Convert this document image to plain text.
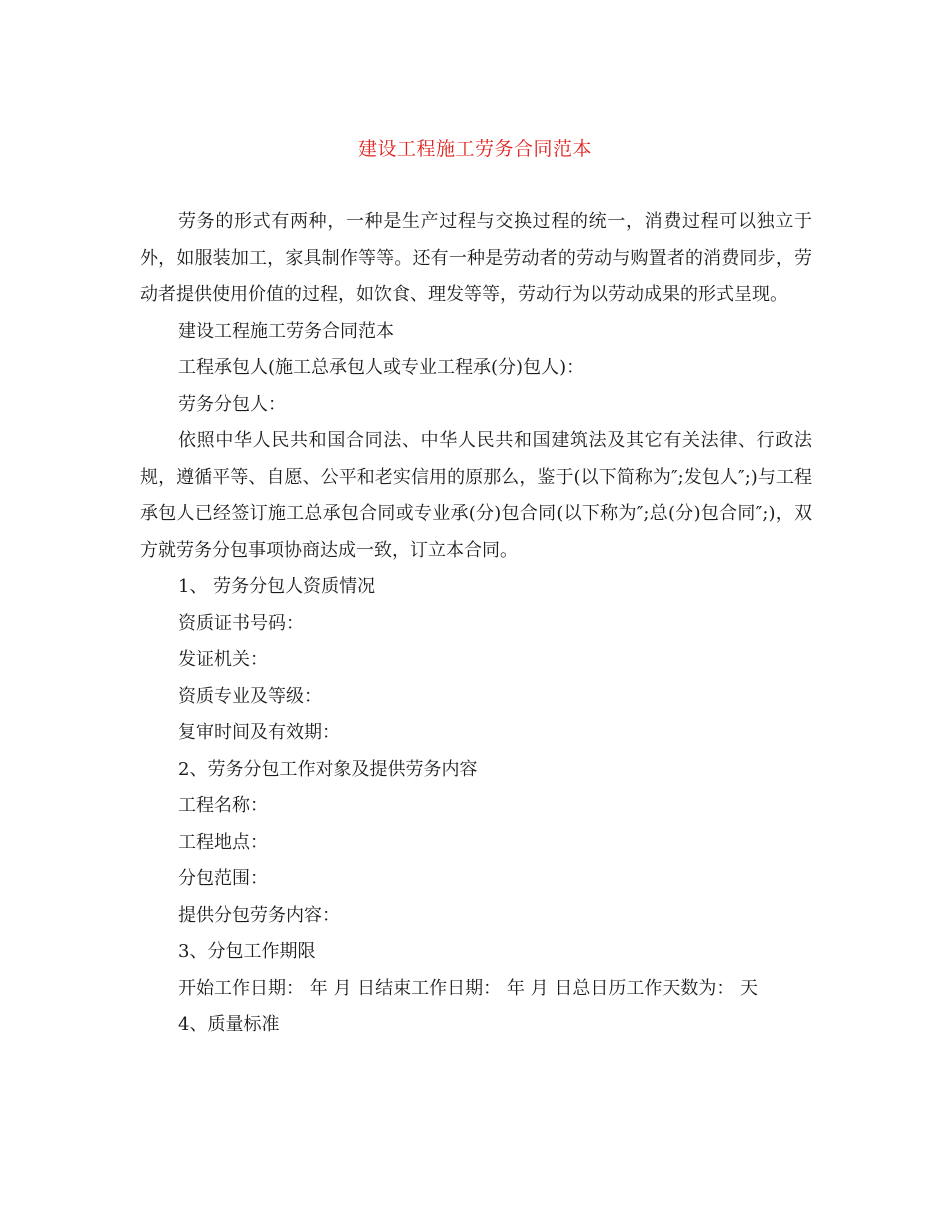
建设工程施工劳务合同范本

劳务的形式有两种，一种是生产过程与交换过程的统一，消费过程可以独立于外，如服装加工，家具制作等等。还有一种是劳动者的劳动与购置者的消费同步，劳动者提供使用价值的过程，如饮食、理发等等，劳动行为以劳动成果的形式呈现。

建设工程施工劳务合同范本

工程承包人(施工总承包人或专业工程承(分)包人)：

劳务分包人：

依照中华人民共和国合同法、中华人民共和国建筑法及其它有关法律、行政法规，遵循平等、自愿、公平和老实信用的原那么，鉴于(以下简称为″;发包人″;)与工程承包人已经签订施工总承包合同或专业承(分)包合同(以下称为″;总(分)包合同″;)，双方就劳务分包事项协商达成一致，订立本合同。

1、 劳务分包人资质情况

资质证书号码：

发证机关：

资质专业及等级：

复审时间及有效期：

2、劳务分包工作对象及提供劳务内容

工程名称：

工程地点：

分包范围：

提供分包劳务内容：

3、分包工作期限

开始工作日期： 年 月 日结束工作日期： 年 月 日总日历工作天数为： 天

4、质量标准
